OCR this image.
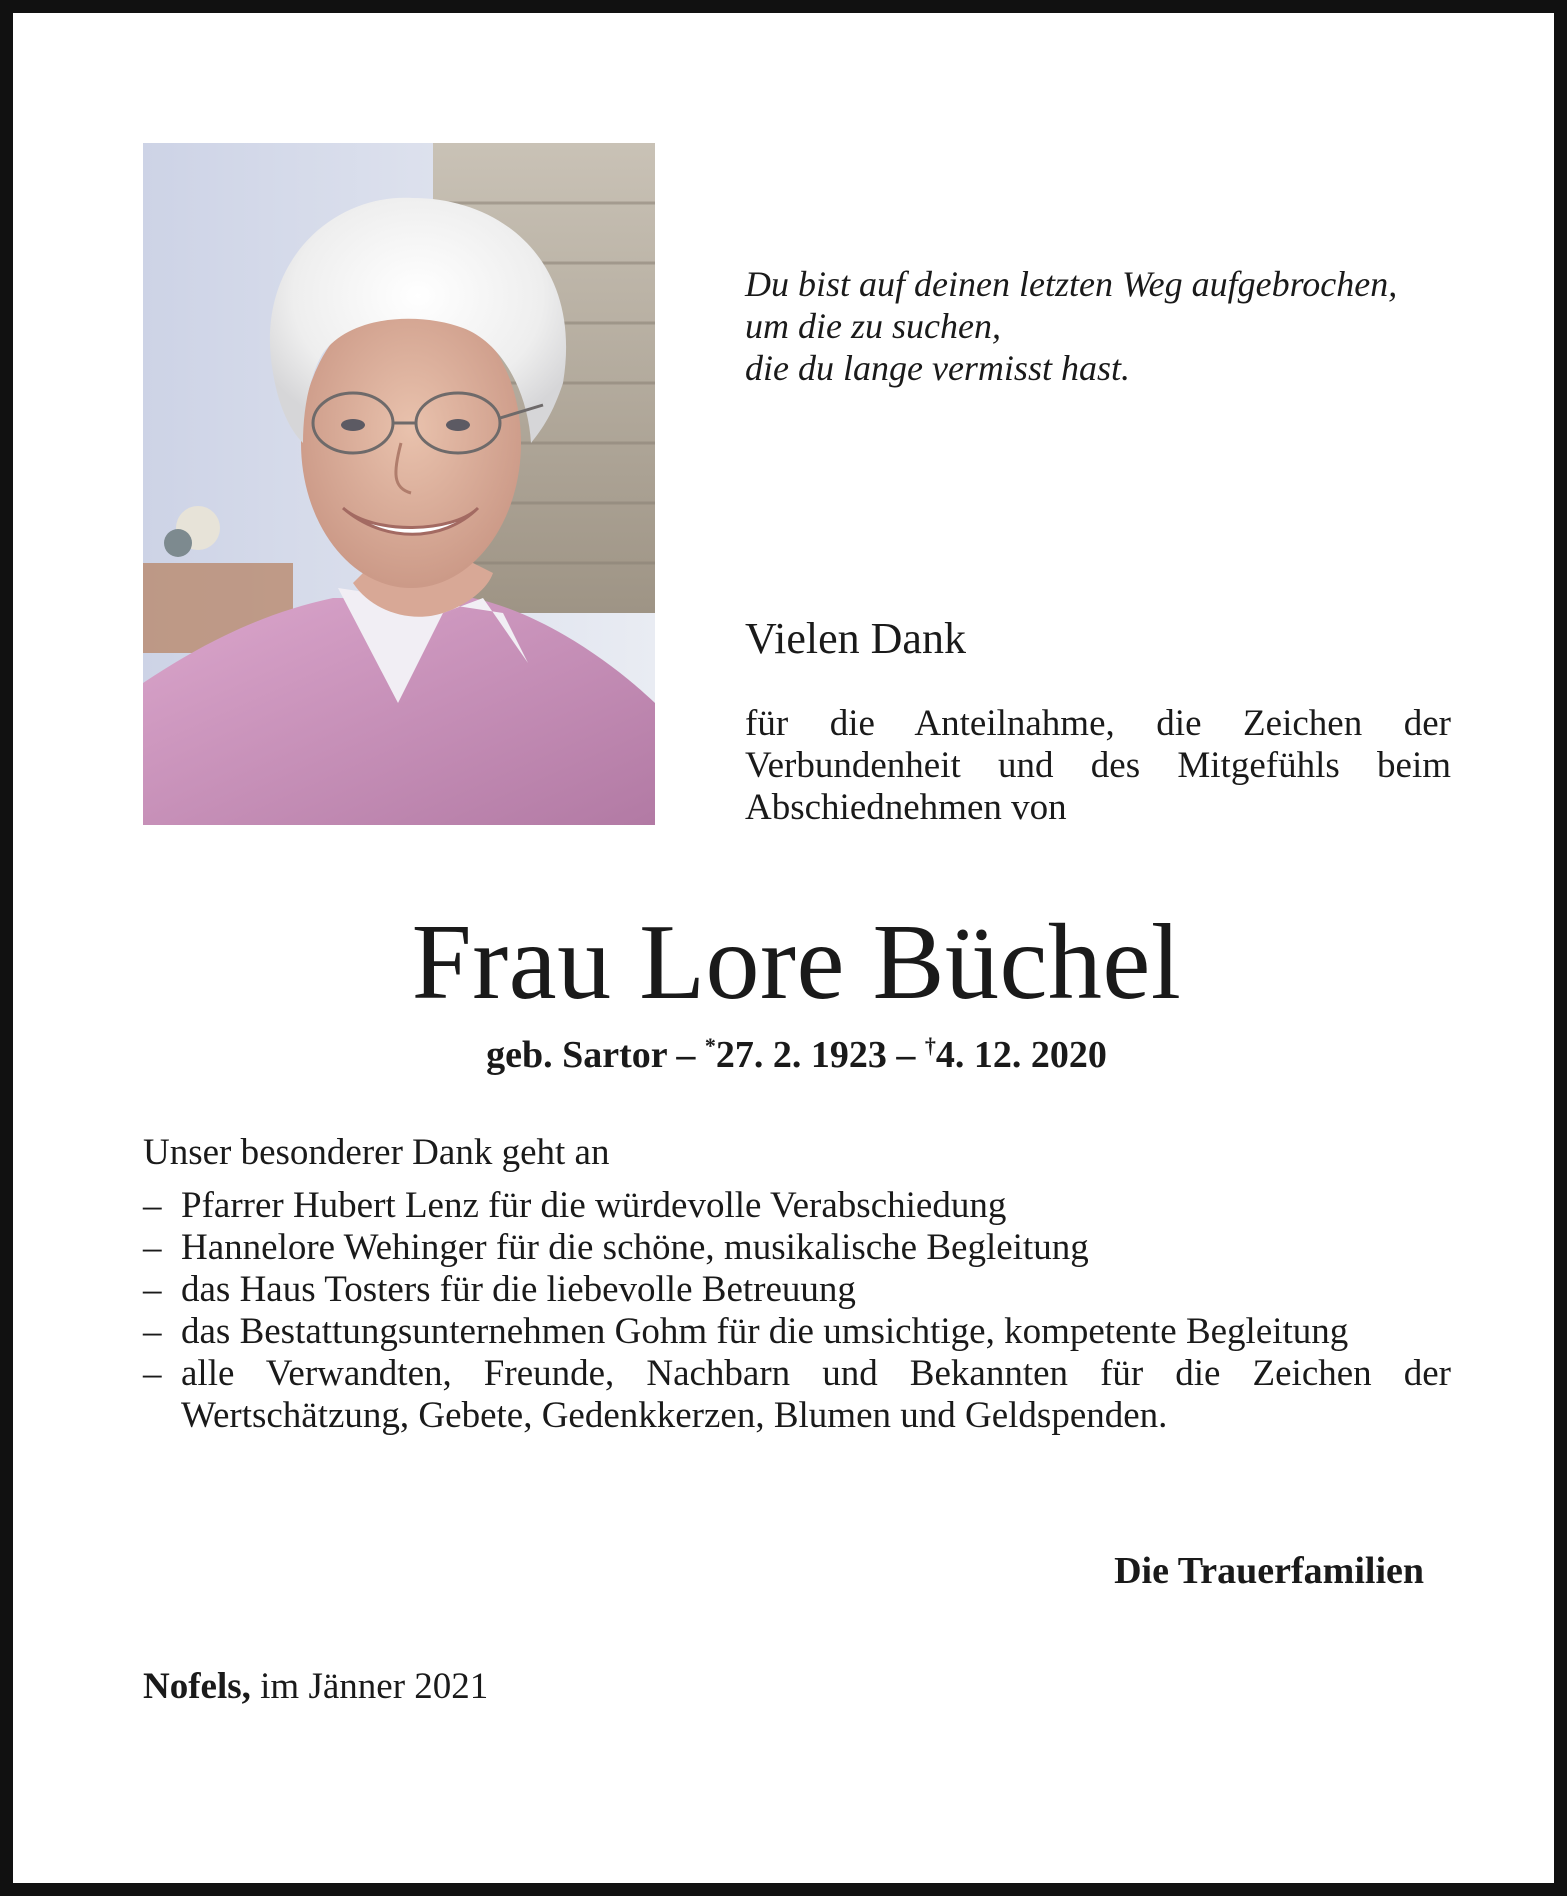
Du bist auf deinen letzten Weg aufgebrochen,
um die zu suchen,
die du lange vermisst hast.
Vielen Dank
für die Anteilnahme, die Zeichen der
Verbundenheit und des Mitgefühls beim
Abschiednehmen von
Frau Lore Büchel
geb. Sartor – *27. 2. 1923 – †4. 12. 2020
Unser besonderer Dank geht an
– Pfarrer Hubert Lenz für die würdevolle Verabschiedung
– Hannelore Wehinger für die schöne, musikalische Begleitung
– das Haus Tosters für die liebevolle Betreuung
– das Bestattungsunternehmen Gohm für die umsichtige, kompetente Begleitung
– alle Verwandten, Freunde, Nachbarn und Bekannten für die Zeichen der Wertschätzung, Gebete, Gedenkkerzen, Blumen und Geldspenden.
Die Trauerfamilien
Nofels, im Jänner 2021
